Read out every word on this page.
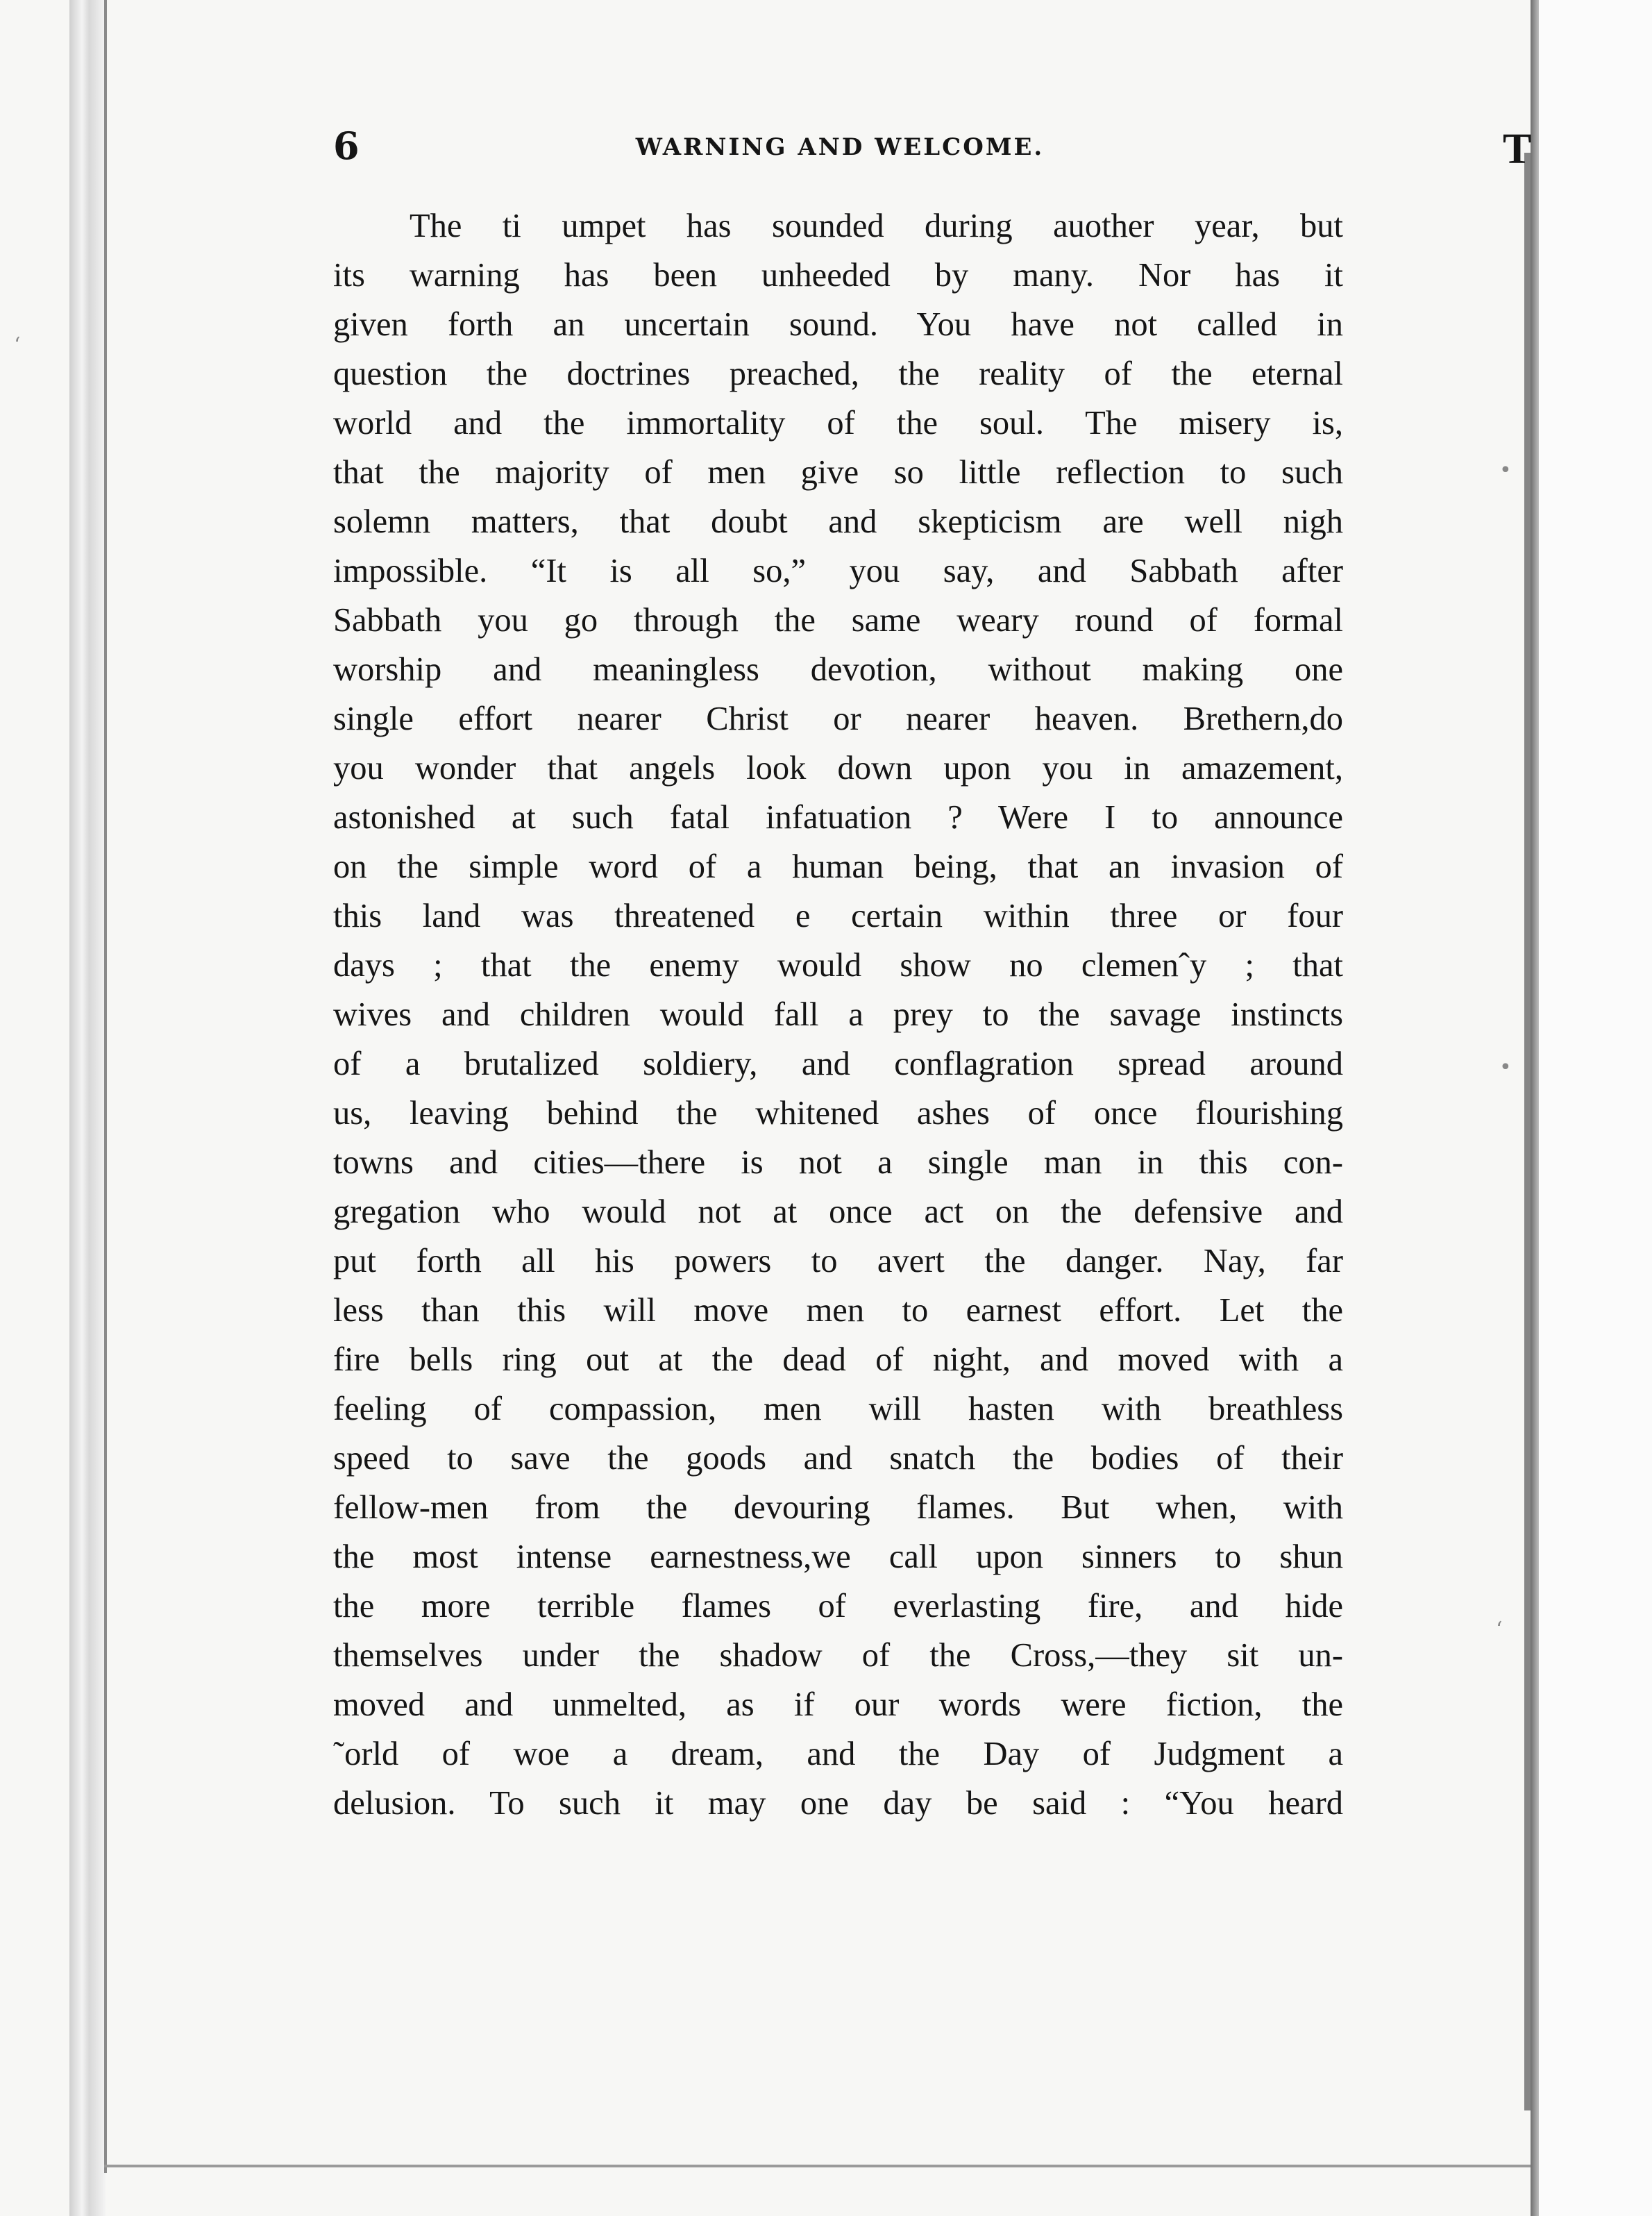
•
•
‘
‘
6	WARNING AND WELCOME.	T
The ti umpet has sounded during auother year, but
its warning has been unheeded by many. Nor has it
given forth an uncertain sound. You have not called in
question the doctrines preached, the reality of the eternal
world and the immortality of the soul. The misery is,
that the majority of men give so little reflection to such
solemn matters, that doubt and skepticism are well nigh
impossible. “It is all so,” you say, and Sabbath after
Sabbath you go through the same weary round of formal
worship and meaningless devotion, without making one
single effort nearer Christ or nearer heaven. Brethern,do
you wonder that angels look down upon you in amazement,
astonished at such fatal infatuation ? Were I to announce
on the simple word of a human being, that an invasion of
this land was threatened e certain within three or four
days ; that the enemy would show no clemenˆy ; that
wives and children would fall a prey to the savage instincts
of a brutalized soldiery, and conflagration spread around
us, leaving behind the whitened ashes of once flourishing
towns and cities—there is not a single man in this con-
gregation who would not at once act on the defensive and
put forth all his powers to avert the danger. Nay, far
less than this will move men to earnest effort. Let the
fire bells ring out at the dead of night, and moved with a
feeling of compassion, men will hasten with breathless
speed to save the goods and snatch the bodies of their
fellow-men from the devouring flames. But when, with
the most intense earnestness,we call upon sinners to shun
the more terrible flames of everlasting fire, and hide
themselves under the shadow of the Cross,—they sit un-
moved and unmelted, as if our words were fiction, the
˜orld of woe a dream, and the Day of Judgment a
delusion. To such it may one day be said : “You heard
